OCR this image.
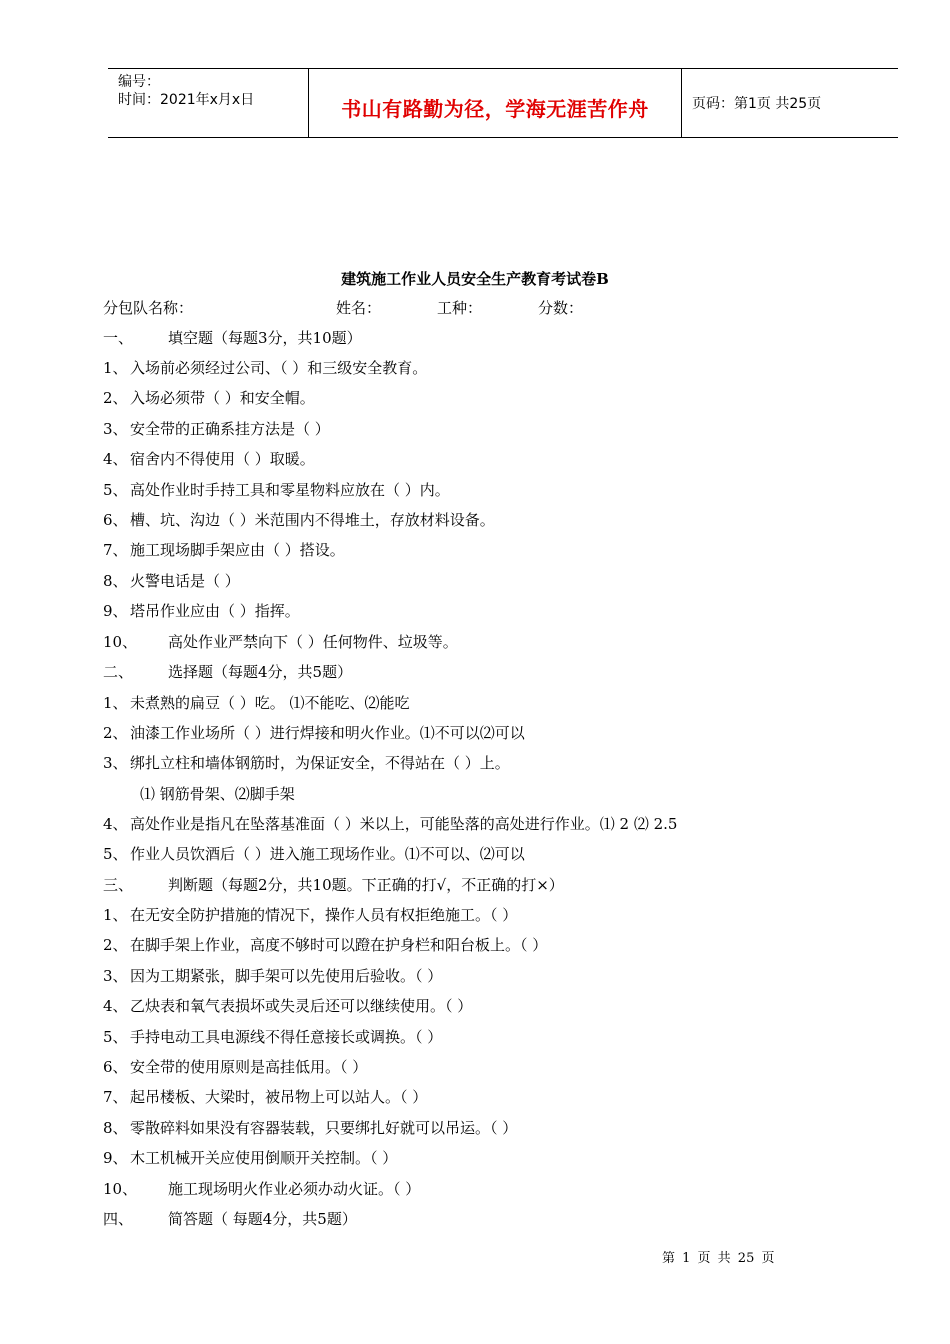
编号：
时间：2021年x月x日	书山有路勤为径，学海无涯苦作舟	页码：第1页 共25页
建筑施工作业人员安全生产教育考试卷B
分包队名称：	姓名：	工种：	分数：
一、 填空题（每题3分，共10题）
1、 入场前必须经过公司、（ ）和三级安全教育。
2、 入场必须带（ ）和安全帽。
3、 安全带的正确系挂方法是（ ）
4、 宿舍内不得使用（ ）取暖。
5、 高处作业时手持工具和零星物料应放在（ ）内。
6、 槽、坑、沟边（ ）米范围内不得堆土，存放材料设备。
7、 施工现场脚手架应由（ ）搭设。
8、 火警电话是（ ）
9、 塔吊作业应由（ ）指挥。
10、 高处作业严禁向下（ ）任何物件、垃圾等。
二、 选择题（每题4分，共5题）
1、 未煮熟的扁豆（ ）吃。 ⑴不能吃、⑵能吃
2、 油漆工作业场所（ ）进行焊接和明火作业。⑴不可以⑵可以
3、 绑扎立柱和墙体钢筋时，为保证安全，不得站在（ ）上。
⑴ 钢筋骨架、⑵脚手架
4、 高处作业是指凡在坠落基准面（ ）米以上，可能坠落的高处进行作业。⑴ 2 ⑵ 2.5
5、 作业人员饮酒后（ ）进入施工现场作业。⑴不可以、⑵可以
三、 判断题（每题2分，共10题。下正确的打√，不正确的打×）
1、 在无安全防护措施的情况下，操作人员有权拒绝施工。（ ）
2、 在脚手架上作业，高度不够时可以蹬在护身栏和阳台板上。（ ）
3、 因为工期紧张，脚手架可以先使用后验收。（ ）
4、 乙炔表和氧气表损坏或失灵后还可以继续使用。（ ）
5、 手持电动工具电源线不得任意接长或调换。（ ）
6、 安全带的使用原则是高挂低用。（ ）
7、 起吊楼板、大梁时，被吊物上可以站人。（ ）
8、 零散碎料如果没有容器装载，只要绑扎好就可以吊运。（ ）
9、 木工机械开关应使用倒顺开关控制。（ ）
10、 施工现场明火作业必须办动火证。（ ）
四、 简答题（ 每题4分，共5题）
第 1 页 共 25 页
